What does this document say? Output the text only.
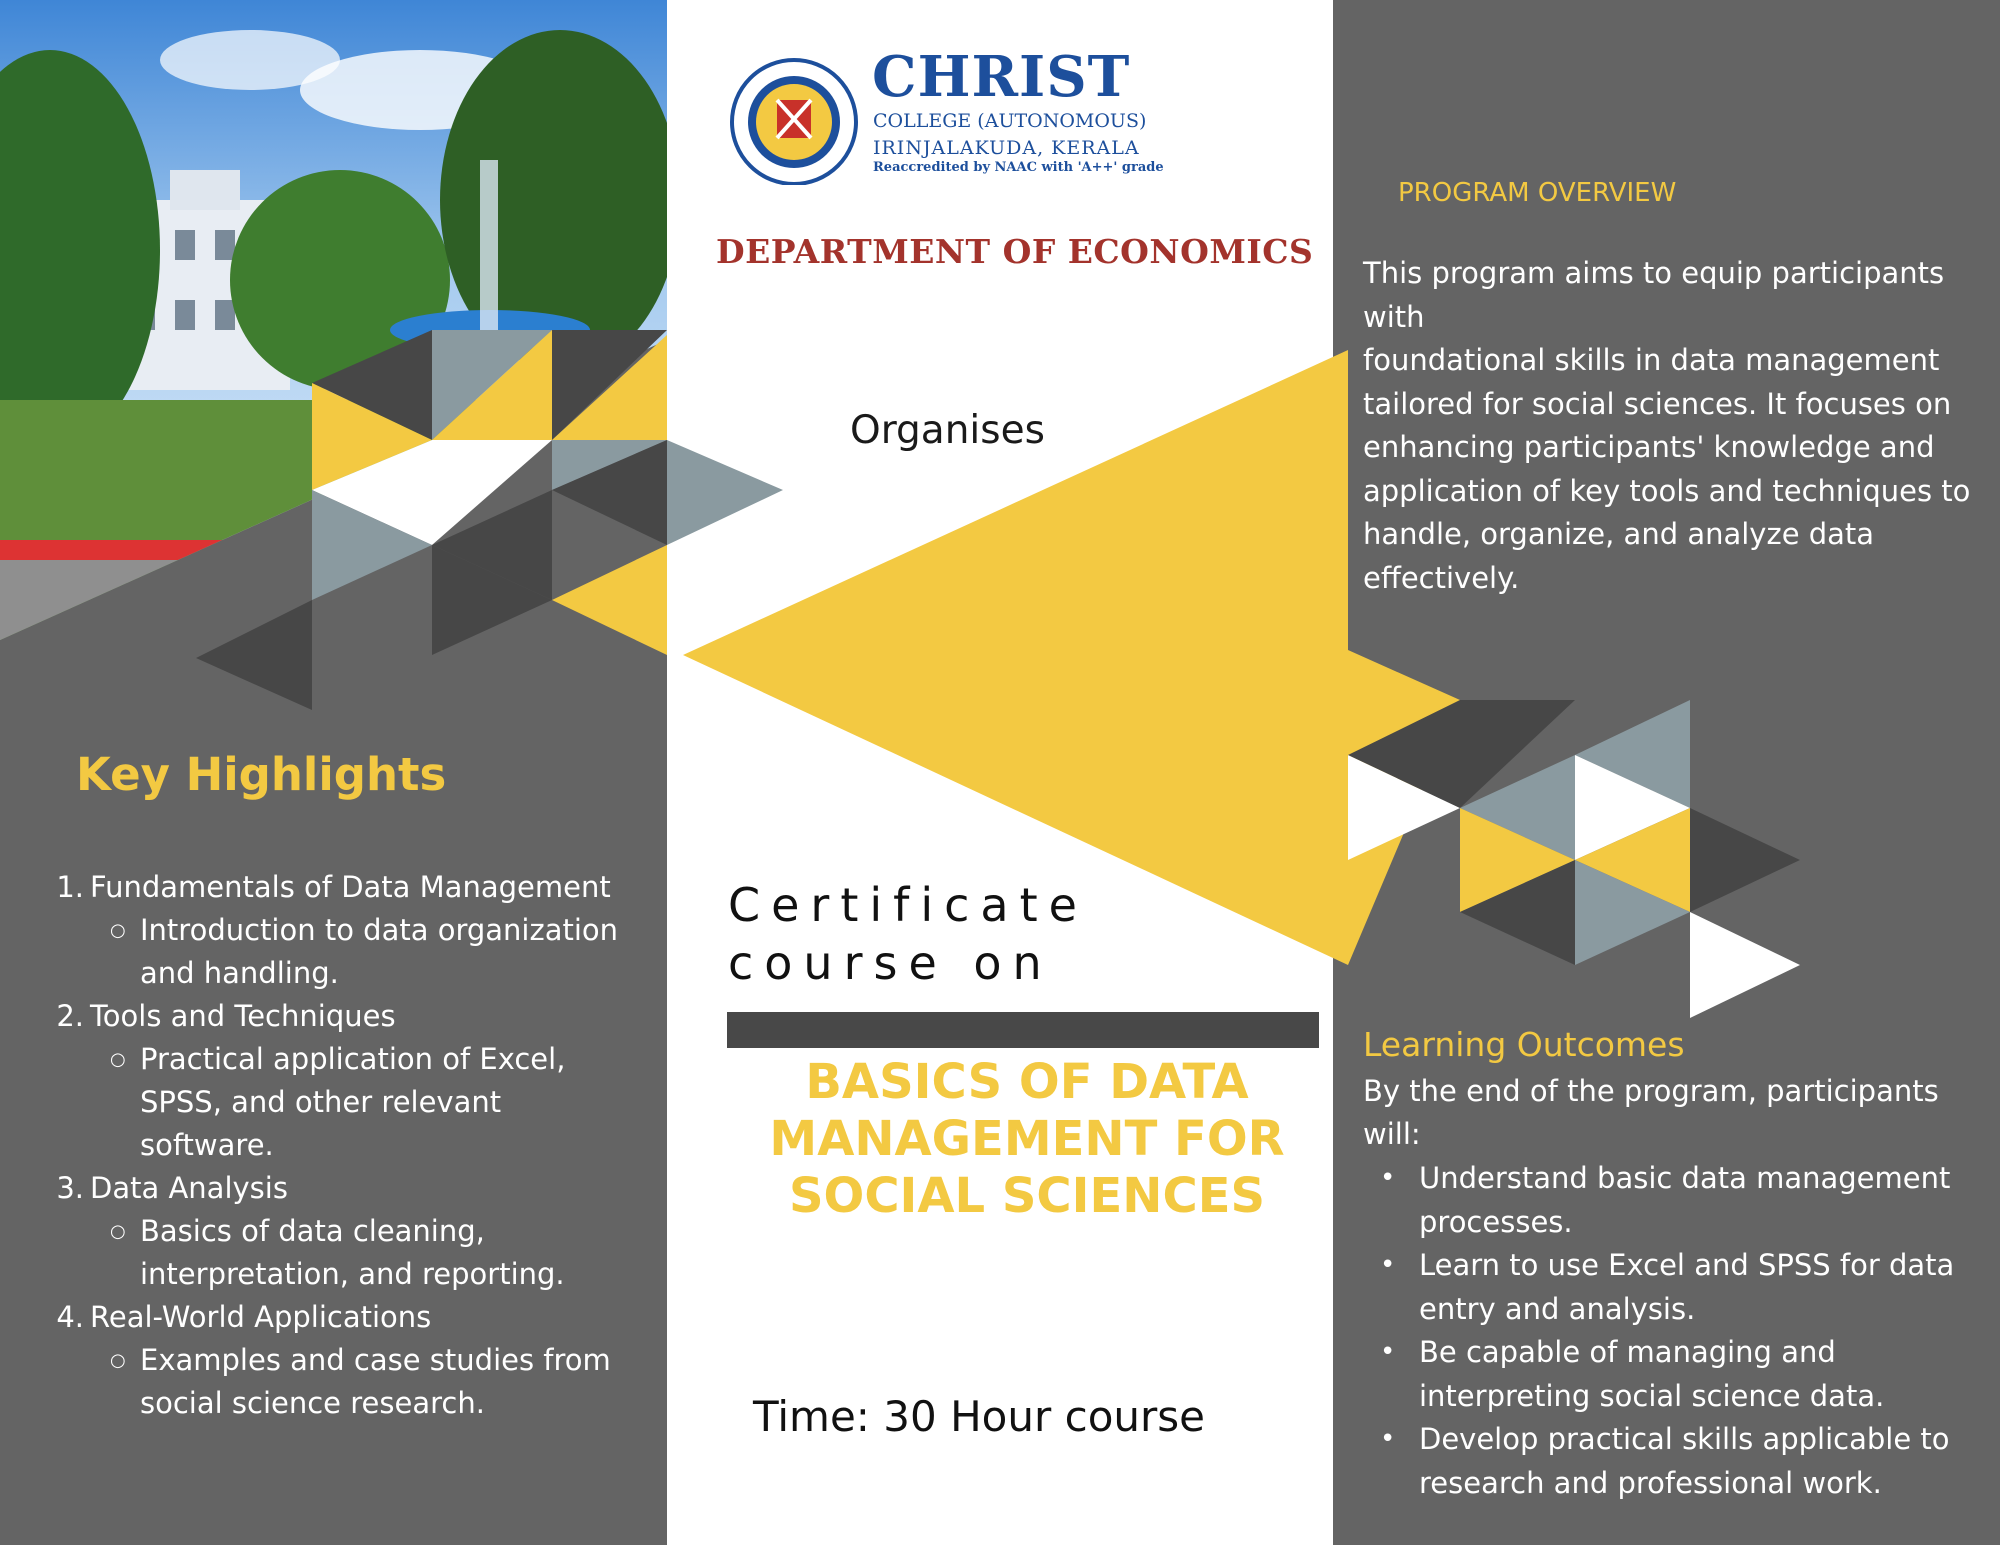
CHRIST
COLLEGE (AUTONOMOUS)
IRINJALAKUDA, KERALA
Reaccredited by NAAC with 'A++' grade
DEPARTMENT OF ECONOMICS
Organises
Certificate
course on
BASICS OF DATA
MANAGEMENT FOR
SOCIAL SCIENCES
Time: 30 Hour course
Key Highlights
1. Fundamentals of Data Management
○ Introduction to data organization
and handling.
2. Tools and Techniques
○ Practical application of Excel,
SPSS, and other relevant
software.
3. Data Analysis
○ Basics of data cleaning,
interpretation, and reporting.
4. Real-World Applications
○ Examples and case studies from
social science research.
PROGRAM OVERVIEW
This program aims to equip participants with
foundational skills in data management
tailored for social sciences. It focuses on
enhancing participants' knowledge and
application of key tools and techniques to
handle, organize, and analyze data
effectively.
Learning Outcomes
By the end of the program, participants
will:
• Understand basic data management
processes.
• Learn to use Excel and SPSS for data
entry and analysis.
• Be capable of managing and
interpreting social science data.
• Develop practical skills applicable to
research and professional work.
